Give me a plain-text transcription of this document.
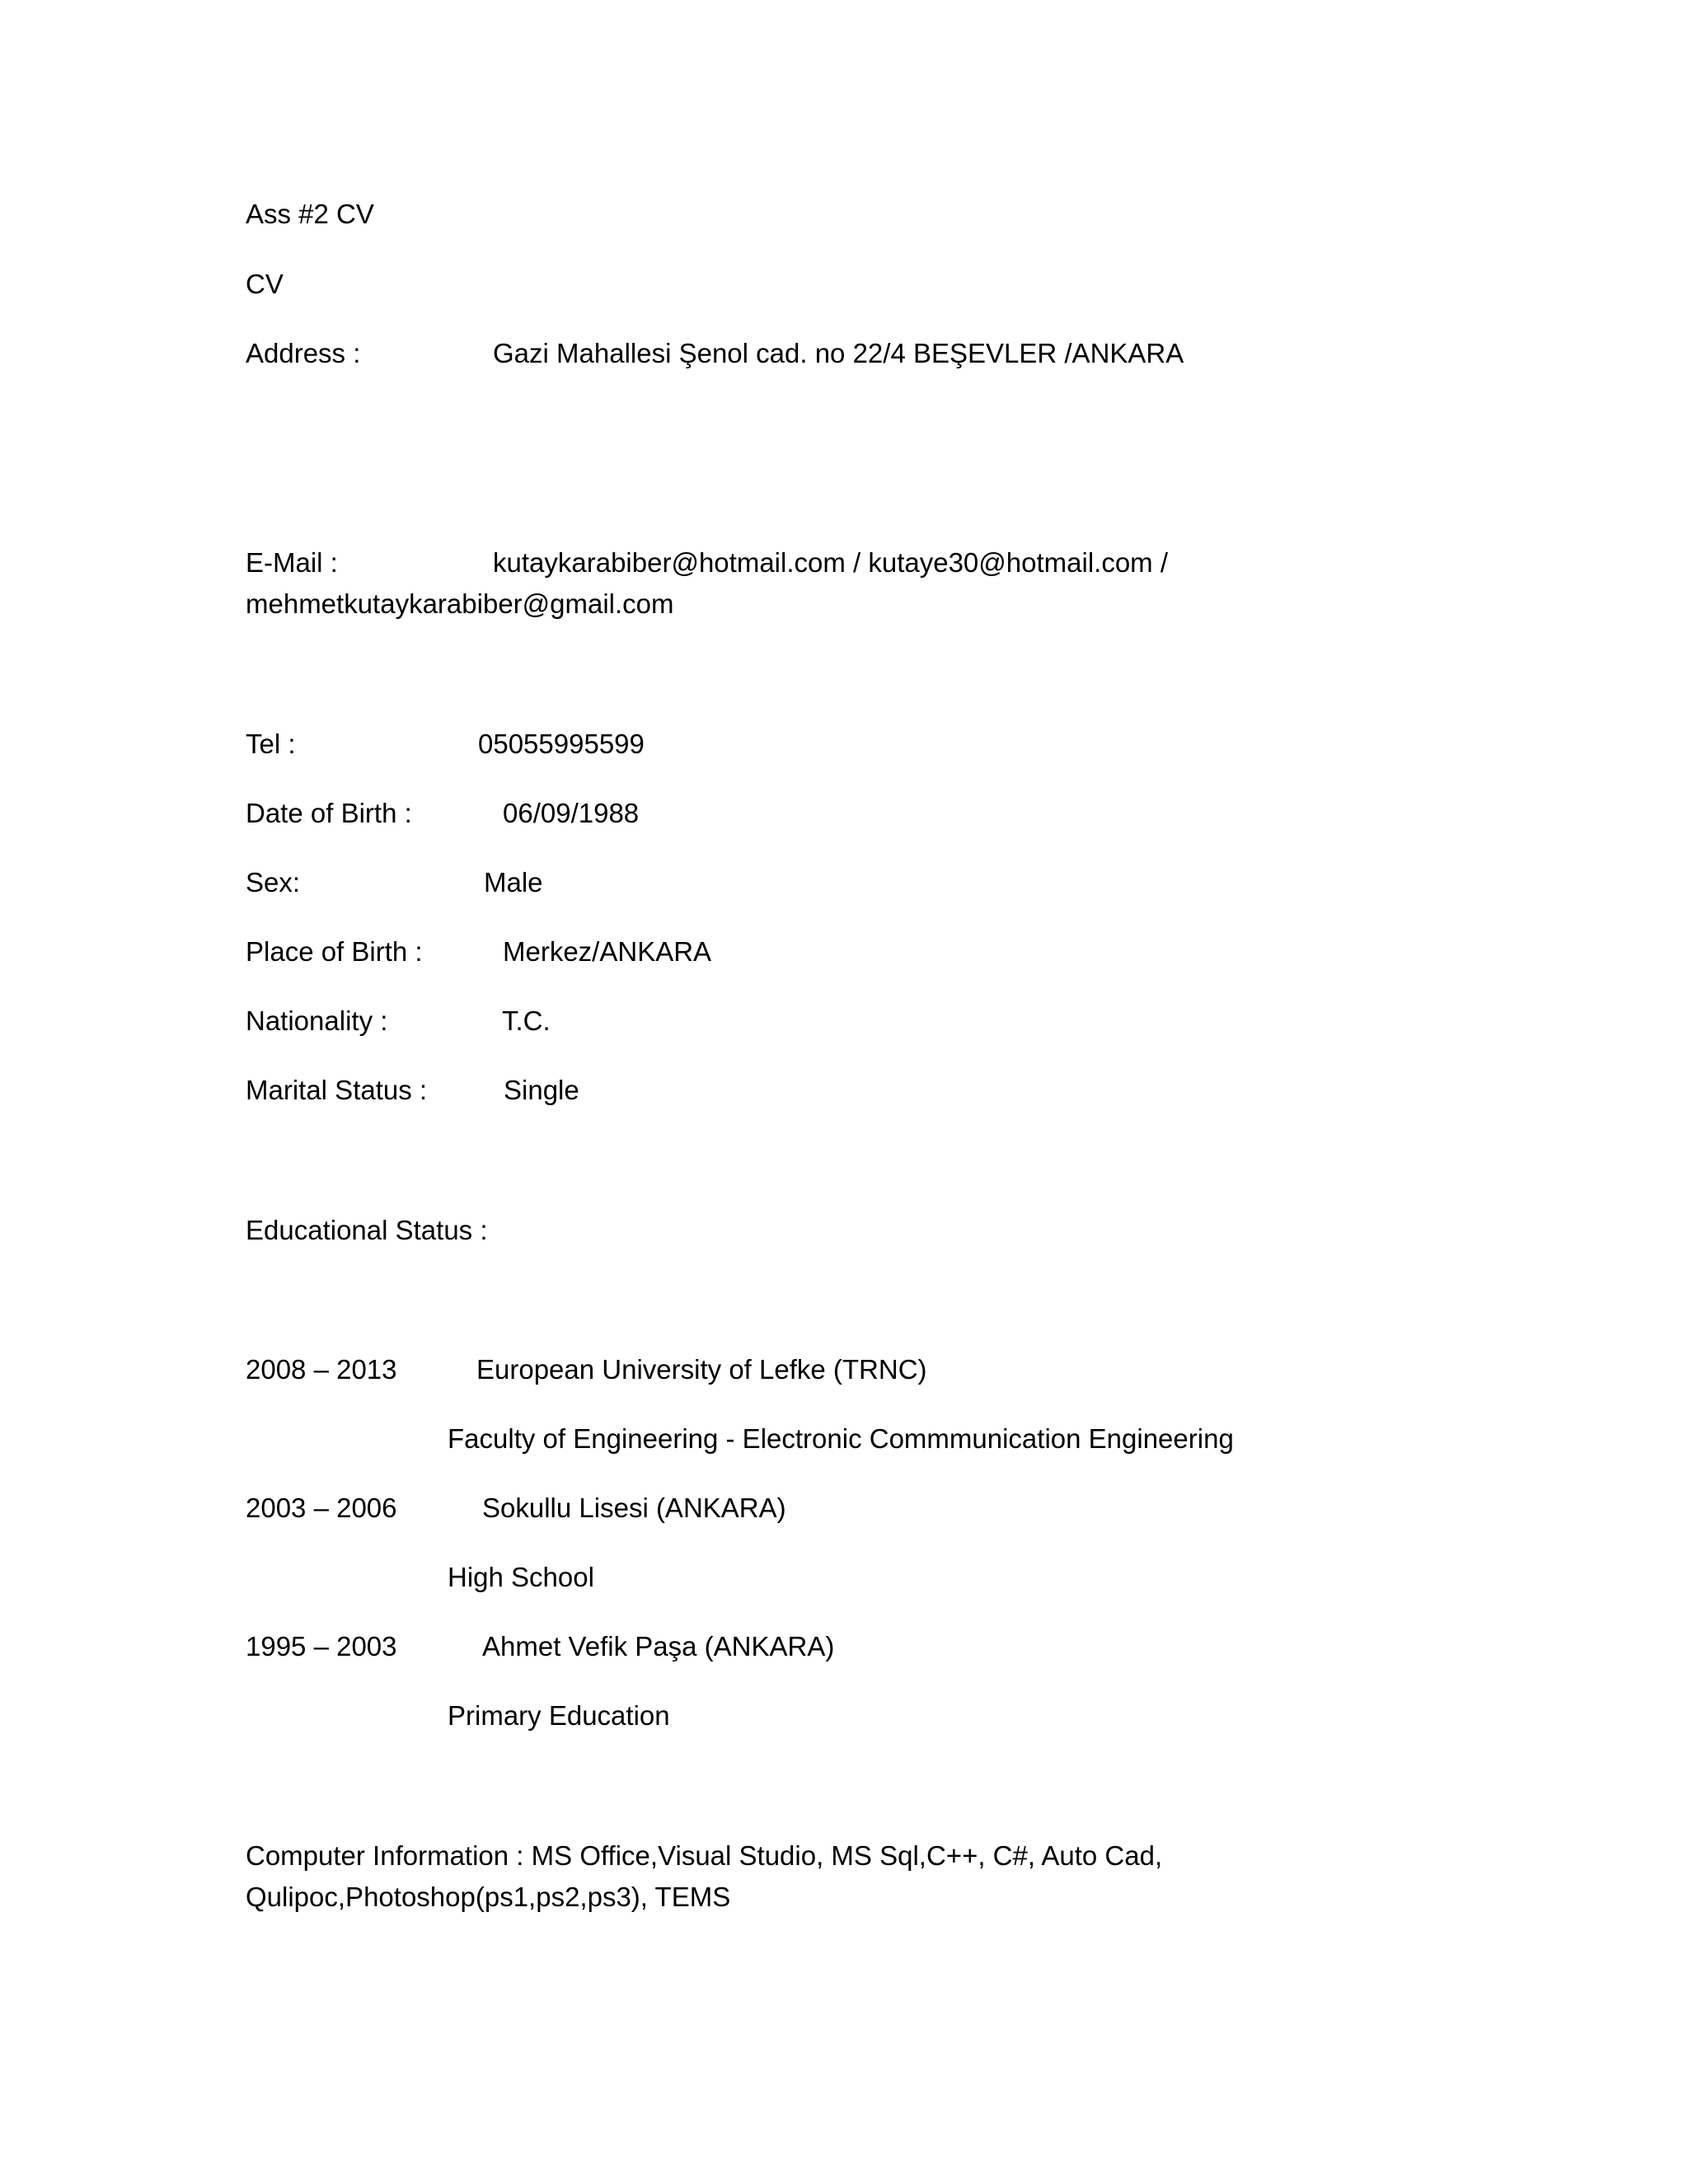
Ass #2 CV

CV

Address :	Gazi Mahallesi Şenol cad. no 22/4 BEŞEVLER /ANKARA
E-Mail :	kutaykarabiber@hotmail.com / kutaye30@hotmail.com /

mehmetkutaykarabiber@gmail.com

Tel :	05055995599
Date of Birth :	06/09/1988
Sex:	Male
Place of Birth :	Merkez/ANKARA
Nationality :	T.C.
Marital Status :	Single

Educational Status :

2008 – 2013	European University of Lefke (TRNC)

Faculty of Engineering - Electronic Commmunication Engineering

2003 – 2006	Sokullu Lisesi (ANKARA)

High School

1995 – 2003	Ahmet Vefik Paşa (ANKARA)

Primary Education

Computer Information : MS Office,Visual Studio, MS Sql,C++, C#, Auto Cad,

Qulipoc,Photoshop(ps1,ps2,ps3), TEMS
